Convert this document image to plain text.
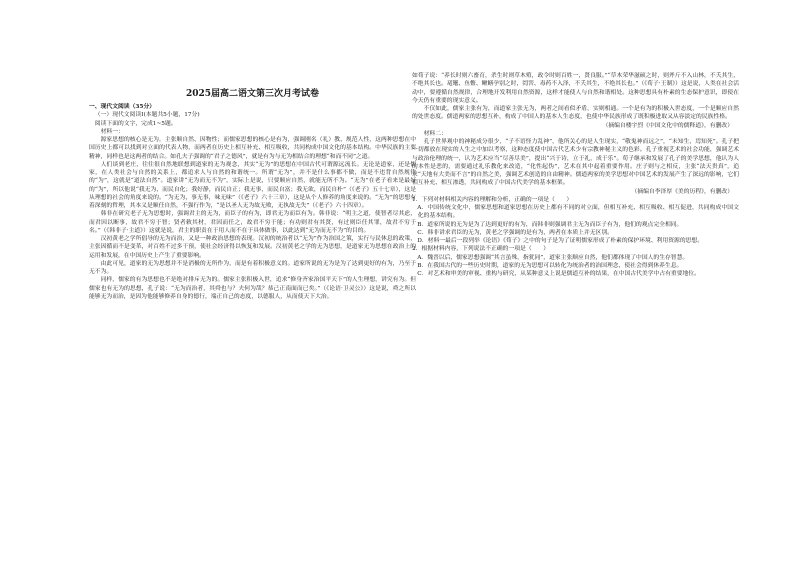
2025届高二语文第三次月考试卷

一、现代文阅读（35分）

（一）现代文阅读Ⅰ(本题共5小题，17分)

阅读下面的文字，完成1~5题。

材料一：

源家思想的核心是无为，主张顺自然、因物性；而儒家思想的核心是有为，强调刚名（礼）教、规范人性，这两种思想在中国历史上都可以找到对立面的代表人物，而两者在历史上相互补充、相互吸收，共同构成中国文化的基本结构。中华民族的主要精神，同样也是这两者的结合。如孔夫子强调的“君子之德风”，就是有为与无为相结合的理想“和而不同”之道。

人们谈到老庄，往往很自然地联想到道家的无为观念，其实“无为”的思想在中国古代可谓源远流长。无论是道家，还是儒家，在人类社会与自然的关系上，都追求人与自然的和谐统一。所谓“无为”，并不是什么事都不做，而是不违背自然规律的“为”，这就是“道法自然”。道家讲“无为而无不为”，实际上是说，只要顺应自然，就能无所不为。“无为”在老子看来是最好的“为”，所以他说“我无为，而民自化；我好静，而民自正；我无事，而民自富；我无欲，而民自朴”（《老子》五十七章），这是从理想的社会的角度来说的。“为无为，事无事，味无味”（《老子》六十三章），这是从个人修养的角度来说的。“无为”的思想有着深刻的哲理，其本义是顺任自然，不强行作为，“是以圣人无为故无败，无执故无失”（《老子》六十四章）。

韩非在研究老子无为思想时，强调君主的无为，而臣子的有为，即君无为而臣有为。韩非说：“明主之道，使智者尽其虑，而君因以断事，故君不穷于智；贤者敕其材，君因而任之，故君不穷于能；有功则君有其贤，有过则臣任其罪，故君不穷于名。”（《韩非子·主道》）这就是说，君主的职责在于用人而不在于具体做事，以此达到“无为而无不为”的目的。

汉初黄老之学所倡导的无为而治，又是一种政治思想的表现。汉初的统治者以“无为”作为治国之策，实行与民休息的政策，主张因循而不是变革，对百姓不过多干预，使社会经济得以恢复和发展。汉初黄老之学的无为思想，是道家无为思想在政治上的运用和发展，在中国历史上产生了重要影响。

由此可见，道家的无为思想并不是消极的无所作为，而是有着积极意义的。道家所说的无为是为了达到更好的有为，乃至于无不为。

同样，儒家的有为思想也不是绝对排斥无为的。儒家主张积极入世，追求“修身齐家治国平天下”的人生理想，讲究有为。但儒家也有无为的思想，孔子说：“无为而治者，其舜也与？夫何为哉？恭己正南面而已矣。”（《论语·卫灵公》）这是说，舜之所以能够无为而治，是因为他能够修养自身的德行，端正自己的态度，以德服人，从而使天下大治。

如荀子说：“养长时则六畜育，杀生时则草木殖，政令时则百姓一，贤良服。”“草木荣华滋硕之时，则斧斤不入山林，不夭其生，不绝其长也。鼋鼍、鱼鳖、鳅鳝孕别之时，罔罟、毒药不入泽，不夭其生，不绝其长也。”（《荀子·王制》）这是说，人类在社会活动中，要遵循自然规律，合理地开发利用自然资源，这样才能使人与自然和谐相处。这种思想具有朴素的生态保护意识，即使在今天仍有重要的现实意义。

不仅如此，儒家主张有为，而道家主张无为，两者之间看似矛盾，实则相通。一个是有为的积极入世态度，一个是顺应自然的处世态度。儒道两家的思想互补，构成了中国人的基本人生态度，也使中华民族形成了既积极进取又从容淡定的民族性格。

（摘编自楼宇烈《中国文化中的儒释道》，有删改）

材料二：

孔子世界观中的神秘成分很少，“子不语怪力乱神”，他所关心的是人生现实，“敬鬼神而远之”，“未知生，焉知死”。孔子把一切都放在现实的人生之中加以考察，这种态度使中国古代艺术少有宗教神秘主义的色彩。孔子重视艺术的社会功能，强调艺术与政治伦理的统一，认为艺术应当“尽善尽美”，提出“兴于诗，立于礼，成于乐”。荀子继承和发展了孔子的美学思想，他认为人的本性是恶的，需要通过礼乐教化来改造，“化性起伪”，艺术在其中起着重要作用。庄子则与之相反，主张“法天贵真”，追求“天地有大美而不言”的自然之美，强调艺术创造的自由精神。儒道两家的美学思想对中国艺术的发展产生了深远的影响，它们相互补充、相互渗透，共同构成了中国古代美学的基本框架。

（摘编自李泽厚《美的历程》，有删改）

1．下列对材料相关内容的理解和分析，正确的一项是（　　）

A．中国传统文化中，儒家思想和道家思想在历史上都有不同的对立面，但相互补充、相互吸收、相互促进，共同构成中国文化的基本结构。

B．道家所说的无为是为了达到更好的有为，而韩非则强调君主无为而臣子有为，他们的观点完全相同。

C．韩非讲求君臣的无为，黄老之学强调的是有为，两者在本质上并无区别。

D．材料一最后一段列举《论语》《荀子》之中的句子是为了证明儒家形成了朴素的保护环境、利用资源的思想。

2．根据材料内容，下列说法不正确的一项是（　　）

A．魏晋以后，儒家思想强调“其言虽殊，指犹同”，道家主张顺应自然，他们都体现了中国人的生存智慧。

B．在我国古代的一些历史时期，道家的无为思想可以转化为统治者的治国理念，使社会得到休养生息。

C．对艺术和审美的审视、重构与研究，从某种意义上说是儒道互补的结果，在中国古代美学中占有重要地位。
